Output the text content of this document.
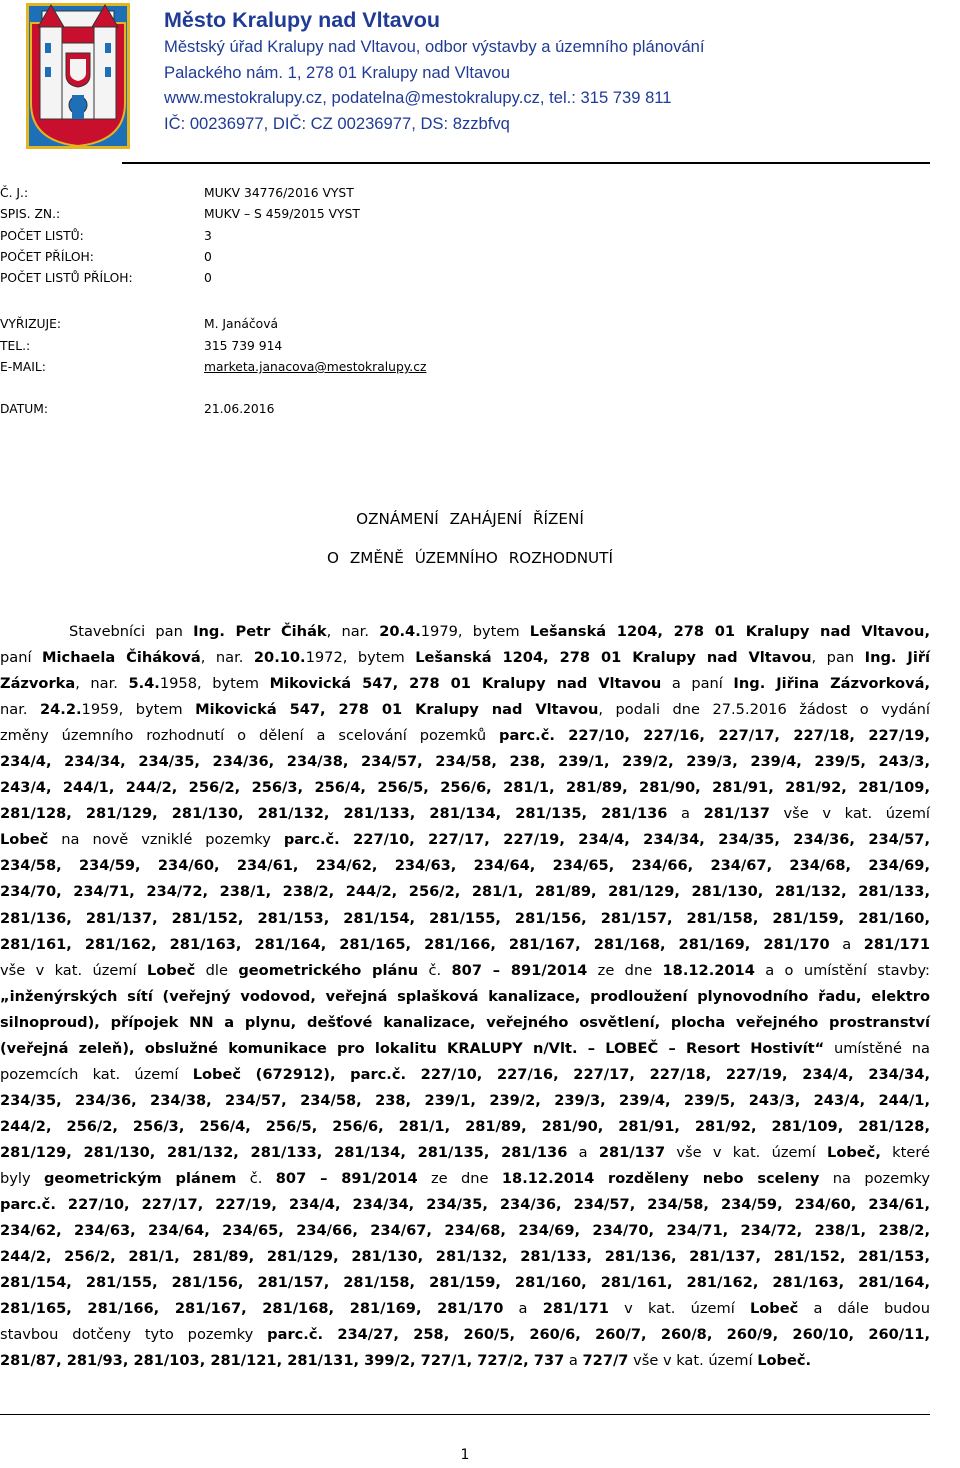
Město Kralupy nad Vltavou
Městský úřad Kralupy nad Vltavou, odbor výstavby a územního plánování
Palackého nám. 1, 278 01 Kralupy nad Vltavou
www.mestokralupy.cz, podatelna@mestokralupy.cz, tel.: 315 739 811
IČ: 00236977, DIČ: CZ 00236977, DS: 8zzbfvq
Č. J.:	MUKV 34776/2016 VYST
SPIS. ZN.:	MUKV – S 459/2015 VYST
POČET LISTŮ:	3
POČET PŘÍLOH:	0
POČET LISTŮ PŘÍLOH:	0
VYŘIZUJE:	M. Janáčová
TEL.:	315 739 914
E-MAIL:	marketa.janacova@mestokralupy.cz
DATUM:	21.06.2016
OZNÁMENÍ ZAHÁJENÍ ŘÍZENÍ
O ZMĚNĚ ÚZEMNÍHO ROZHODNUTÍ
Stavebníci pan Ing. Petr Čihák, nar. 20.4.1979, bytem Lešanská 1204, 278 01 Kralupy nad Vltavou,
paní Michaela Čiháková, nar. 20.10.1972, bytem Lešanská 1204, 278 01 Kralupy nad Vltavou, pan Ing. Jiří
Zázvorka, nar. 5.4.1958, bytem Mikovická 547, 278 01 Kralupy nad Vltavou a paní Ing. Jiřina Zázvorková,
nar. 24.2.1959, bytem Mikovická 547, 278 01 Kralupy nad Vltavou, podali dne 27.5.2016 žádost o vydání
změny územního rozhodnutí o dělení a scelování pozemků parc.č. 227/10, 227/16, 227/17, 227/18, 227/19,
234/4, 234/34, 234/35, 234/36, 234/38, 234/57, 234/58, 238, 239/1, 239/2, 239/3, 239/4, 239/5, 243/3,
243/4, 244/1, 244/2, 256/2, 256/3, 256/4, 256/5, 256/6, 281/1, 281/89, 281/90, 281/91, 281/92, 281/109,
281/128, 281/129, 281/130, 281/132, 281/133, 281/134, 281/135, 281/136 a 281/137 vše v kat. území
Lobeč na nově vzniklé pozemky parc.č. 227/10, 227/17, 227/19, 234/4, 234/34, 234/35, 234/36, 234/57,
234/58, 234/59, 234/60, 234/61, 234/62, 234/63, 234/64, 234/65, 234/66, 234/67, 234/68, 234/69,
234/70, 234/71, 234/72, 238/1, 238/2, 244/2, 256/2, 281/1, 281/89, 281/129, 281/130, 281/132, 281/133,
281/136, 281/137, 281/152, 281/153, 281/154, 281/155, 281/156, 281/157, 281/158, 281/159, 281/160,
281/161, 281/162, 281/163, 281/164, 281/165, 281/166, 281/167, 281/168, 281/169, 281/170 a 281/171
vše v kat. území Lobeč dle geometrického plánu č. 807 – 891/2014 ze dne 18.12.2014 a o umístění stavby:
„inženýrských sítí (veřejný vodovod, veřejná splašková kanalizace, prodloužení plynovodního řadu, elektro
silnoproud), přípojek NN a plynu, dešťové kanalizace, veřejného osvětlení, plocha veřejného prostranství
(veřejná zeleň), obslužné komunikace pro lokalitu KRALUPY n/Vlt. – LOBEČ – Resort Hostivít“ umístěné na
pozemcích kat. území Lobeč (672912), parc.č. 227/10, 227/16, 227/17, 227/18, 227/19, 234/4, 234/34,
234/35, 234/36, 234/38, 234/57, 234/58, 238, 239/1, 239/2, 239/3, 239/4, 239/5, 243/3, 243/4, 244/1,
244/2, 256/2, 256/3, 256/4, 256/5, 256/6, 281/1, 281/89, 281/90, 281/91, 281/92, 281/109, 281/128,
281/129, 281/130, 281/132, 281/133, 281/134, 281/135, 281/136 a 281/137 vše v kat. území Lobeč, které
byly geometrickým plánem č. 807 – 891/2014 ze dne 18.12.2014 rozděleny nebo sceleny na pozemky
parc.č. 227/10, 227/17, 227/19, 234/4, 234/34, 234/35, 234/36, 234/57, 234/58, 234/59, 234/60, 234/61,
234/62, 234/63, 234/64, 234/65, 234/66, 234/67, 234/68, 234/69, 234/70, 234/71, 234/72, 238/1, 238/2,
244/2, 256/2, 281/1, 281/89, 281/129, 281/130, 281/132, 281/133, 281/136, 281/137, 281/152, 281/153,
281/154, 281/155, 281/156, 281/157, 281/158, 281/159, 281/160, 281/161, 281/162, 281/163, 281/164,
281/165, 281/166, 281/167, 281/168, 281/169, 281/170 a 281/171 v kat. území Lobeč a dále budou
stavbou dotčeny tyto pozemky parc.č. 234/27, 258, 260/5, 260/6, 260/7, 260/8, 260/9, 260/10, 260/11,
281/87, 281/93, 281/103, 281/121, 281/131, 399/2, 727/1, 727/2, 737 a 727/7 vše v kat. území Lobeč.
1
